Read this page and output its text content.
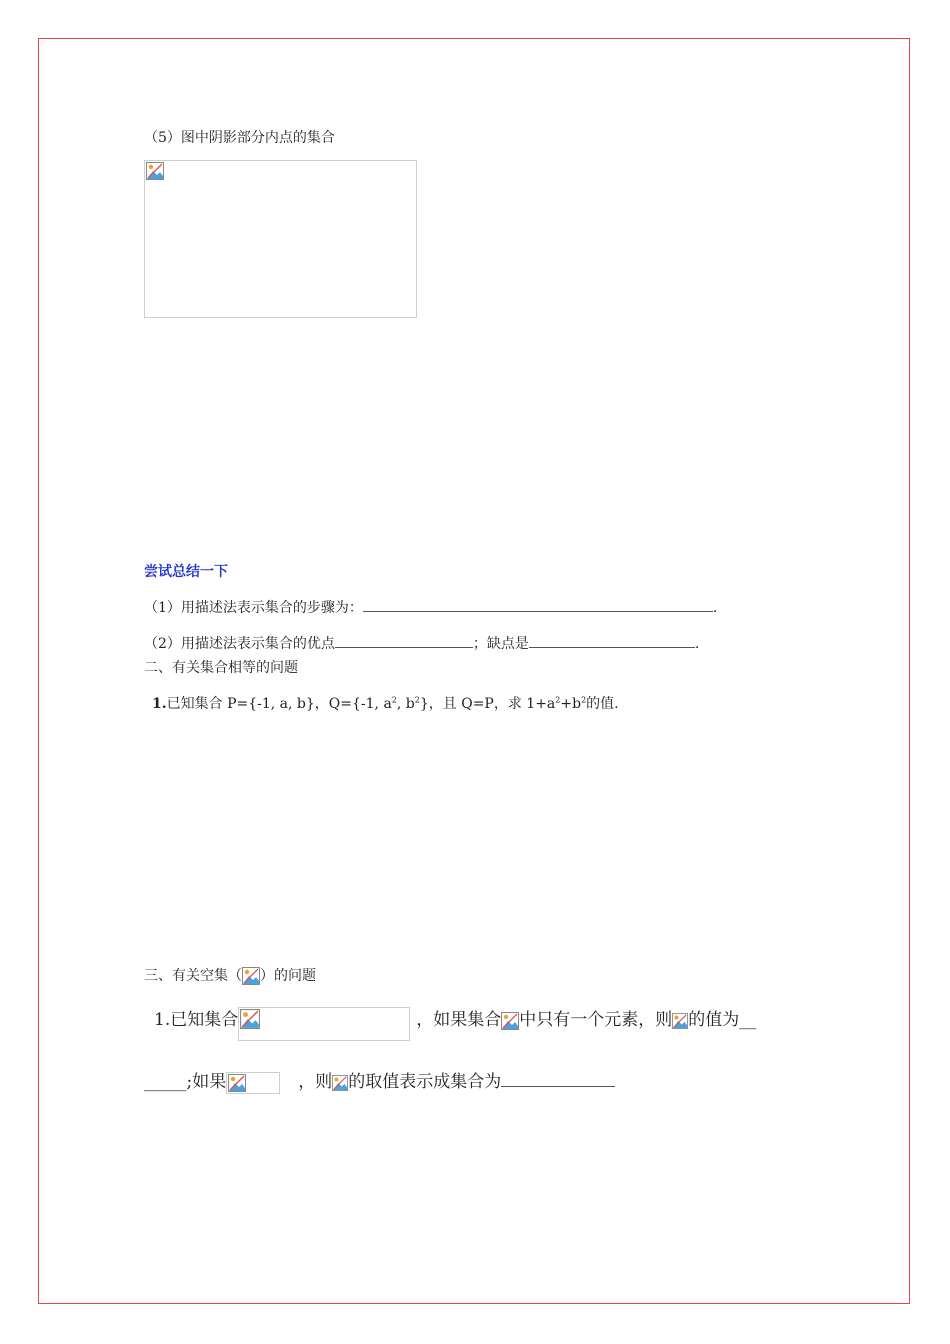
（5）图中阴影部分内点的集合
尝试总结一下
（1）用描述法表示集合的步骤为：	.
（2）用描述法表示集合的优点	；缺点是	.
二、有关集合相等的问题
1.已知集合 P={-1, a, b}，Q={-1, $a^2$, $b^2$}，且 Q=P，求 $1+a^2+b^2$的值.
三、有关空集（ ）的问题
1.已知集合	，如果集合 中只有一个元素，则 的值为__
_____;如果	，则 的取值表示成集合为
